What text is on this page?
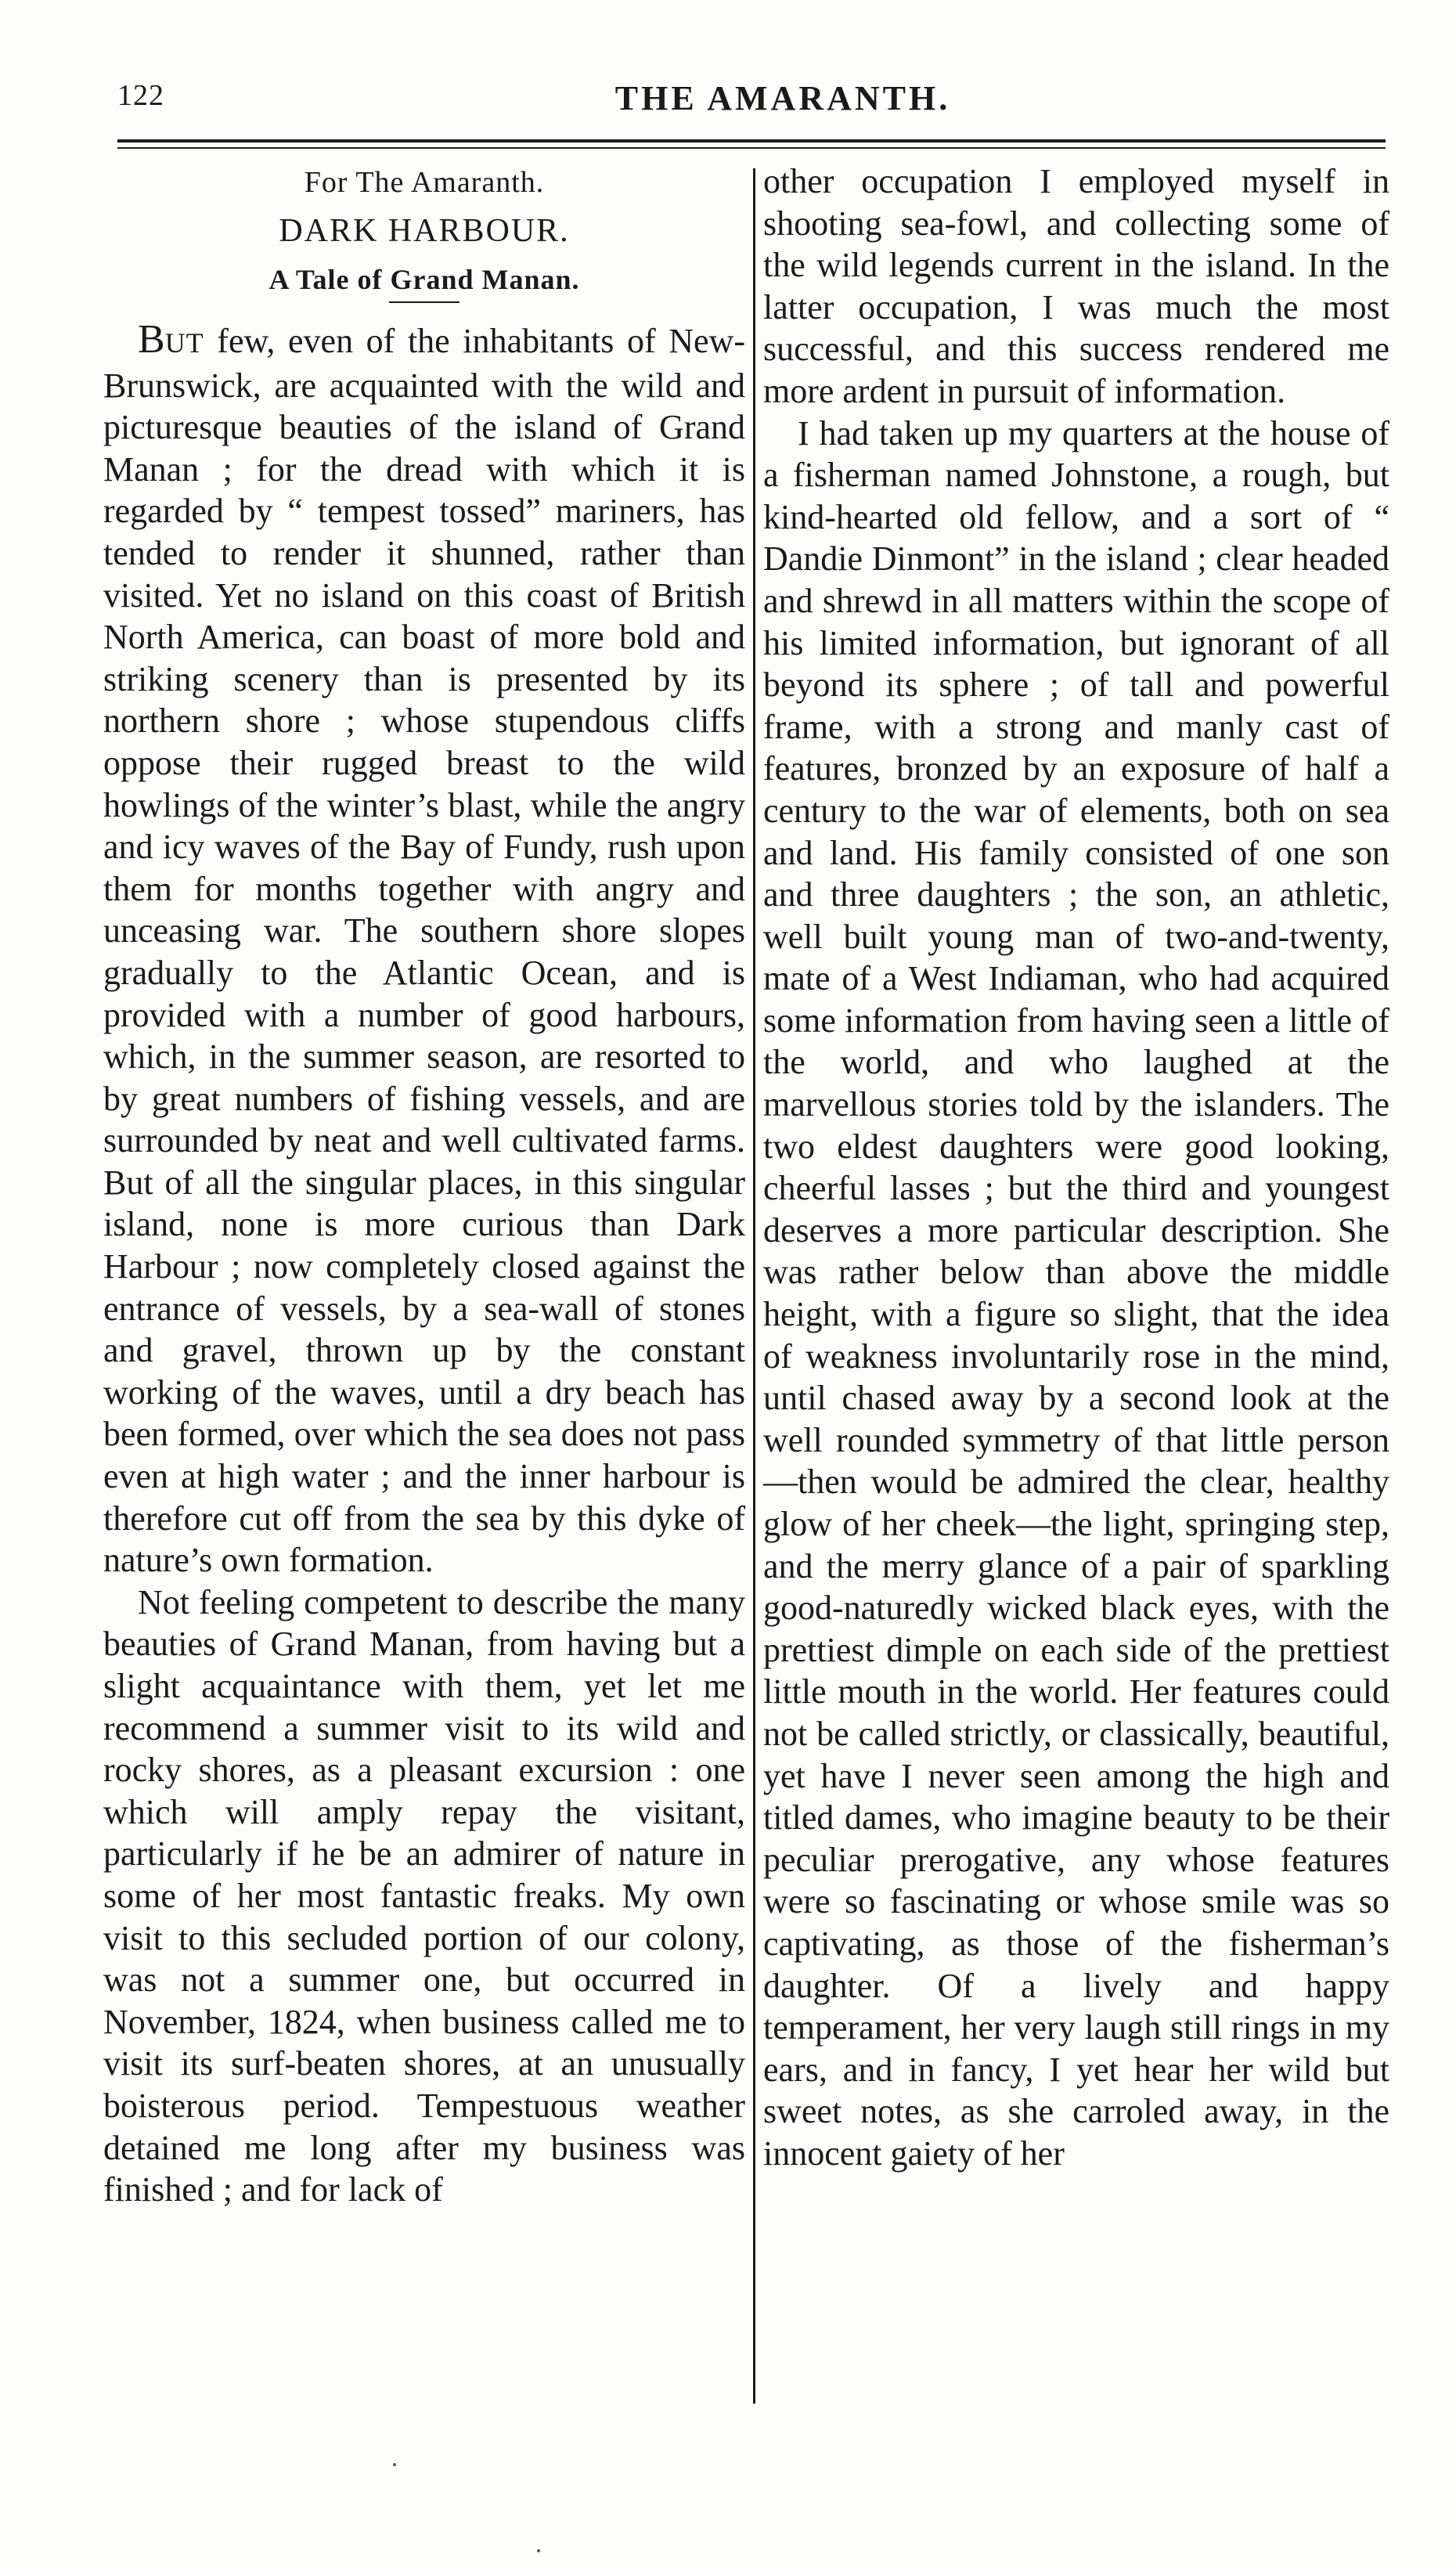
122	THE AMARANTH.
For The Amaranth.
DARK HARBOUR.
A Tale of Grand Manan.

BUT few, even of the inhabitants of New-Brunswick, are acquainted with the wild and picturesque beauties of the island of Grand Manan ; for the dread with which it is regarded by “ tempest tossed” mariners, has tended to render it shunned, rather than visited. Yet no island on this coast of British North America, can boast of more bold and striking scenery than is presented by its northern shore ; whose stupendous cliffs oppose their rugged breast to the wild howlings of the winter’s blast, while the angry and icy waves of the Bay of Fundy, rush upon them for months together with angry and unceasing war. The southern shore slopes gradually to the Atlantic Ocean, and is provided with a number of good harbours, which, in the summer season, are resorted to by great numbers of fishing vessels, and are surrounded by neat and well cultivated farms. But of all the singular places, in this singular island, none is more curious than Dark Harbour ; now completely closed against the entrance of vessels, by a sea-wall of stones and gravel, thrown up by the constant working of the waves, until a dry beach has been formed, over which the sea does not pass even at high water ; and the inner harbour is therefore cut off from the sea by this dyke of nature’s own formation.

Not feeling competent to describe the many beauties of Grand Manan, from having but a slight acquaintance with them, yet let me recommend a summer visit to its wild and rocky shores, as a pleasant excursion : one which will amply repay the visitant, particularly if he be an admirer of nature in some of her most fantastic freaks. My own visit to this secluded portion of our colony, was not a summer one, but occurred in November, 1824, when business called me to visit its surf-beaten shores, at an unusually boisterous period. Tempestuous weather detained me long after my business was finished ; and for lack of

other occupation I employed myself in shooting sea-fowl, and collecting some of the wild legends current in the island. In the latter occupation, I was much the most successful, and this success rendered me more ardent in pursuit of information.

I had taken up my quarters at the house of a fisherman named Johnstone, a rough, but kind-hearted old fellow, and a sort of “ Dandie Dinmont” in the island ; clear headed and shrewd in all matters within the scope of his limited information, but ignorant of all beyond its sphere ; of tall and powerful frame, with a strong and manly cast of features, bronzed by an exposure of half a century to the war of elements, both on sea and land. His family consisted of one son and three daughters ; the son, an athletic, well built young man of two-and-twenty, mate of a West Indiaman, who had acquired some information from having seen a little of the world, and who laughed at the marvellous stories told by the islanders. The two eldest daughters were good looking, cheerful lasses ; but the third and youngest deserves a more particular description. She was rather below than above the middle height, with a figure so slight, that the idea of weakness involuntarily rose in the mind, until chased away by a second look at the well rounded symmetry of that little person —then would be admired the clear, healthy glow of her cheek—the light, springing step, and the merry glance of a pair of sparkling good-naturedly wicked black eyes, with the prettiest dimple on each side of the prettiest little mouth in the world. Her features could not be called strictly, or classically, beautiful, yet have I never seen among the high and titled dames, who imagine beauty to be their peculiar prerogative, any whose features were so fascinating or whose smile was so captivating, as those of the fisherman’s daughter. Of a lively and happy temperament, her very laugh still rings in my ears, and in fancy, I yet hear her wild but sweet notes, as she carroled away, in the innocent gaiety of her
